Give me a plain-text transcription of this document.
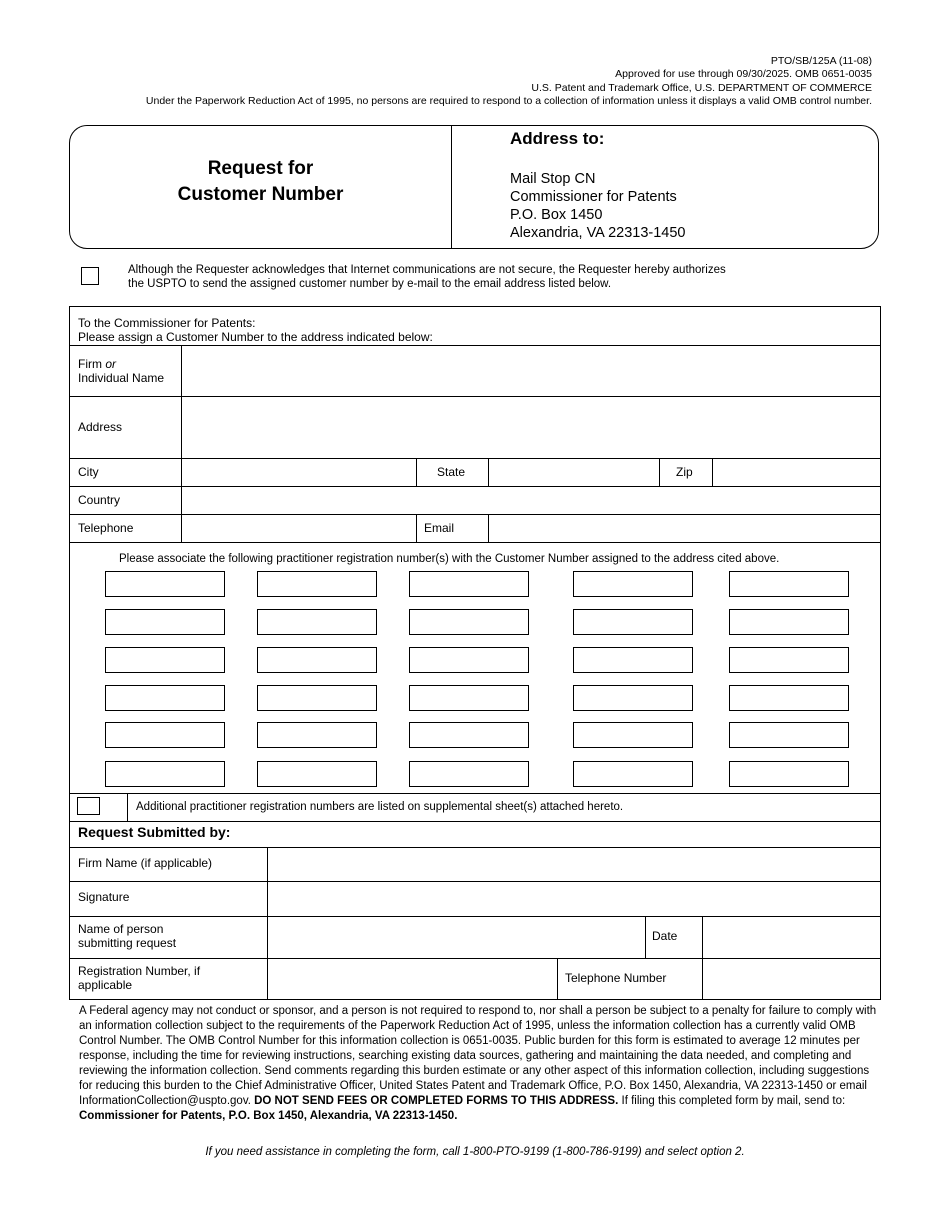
PTO/SB/125A (11-08)
Approved for use through 09/30/2025. OMB 0651-0035
U.S. Patent and Trademark Office, U.S. DEPARTMENT OF COMMERCE
Under the Paperwork Reduction Act of 1995, no persons are required to respond to a collection of information unless it displays a valid OMB control number.
Request for
Customer Number
Address to:
Mail Stop CN
Commissioner for Patents
P.O. Box 1450
Alexandria, VA 22313-1450
Although the Requester acknowledges that Internet communications are not secure, the Requester hereby authorizes
the USPTO to send the assigned customer number by e-mail to the email address listed below.
To the Commissioner for Patents:
Please assign a Customer Number to the address indicated below:
Firm or
Individual Name
Address
City	State	Zip
Country
Telephone	Email
Please associate the following practitioner registration number(s) with the Customer Number assigned to the address cited above.
Additional practitioner registration numbers are listed on supplemental sheet(s) attached hereto.
Request Submitted by:
Firm Name (if applicable)
Signature
Name of person
submitting request	Date
Registration Number, if
applicable	Telephone Number
A Federal agency may not conduct or sponsor, and a person is not required to respond to, nor shall a person be subject to a penalty for failure to comply with an information collection subject to the requirements of the Paperwork Reduction Act of 1995, unless the information collection has a currently valid OMB Control Number. The OMB Control Number for this information collection is 0651-0035. Public burden for this form is estimated to average 12 minutes per response, including the time for reviewing instructions, searching existing data sources, gathering and maintaining the data needed, and completing and reviewing the information collection. Send comments regarding this burden estimate or any other aspect of this information collection, including suggestions for reducing this burden to the Chief Administrative Officer, United States Patent and Trademark Office, P.O. Box 1450, Alexandria, VA 22313-1450 or email InformationCollection@uspto.gov. DO NOT SEND FEES OR COMPLETED FORMS TO THIS ADDRESS. If filing this completed form by mail, send to: Commissioner for Patents, P.O. Box 1450, Alexandria, VA 22313-1450.
If you need assistance in completing the form, call 1-800-PTO-9199 (1-800-786-9199) and select option 2.
